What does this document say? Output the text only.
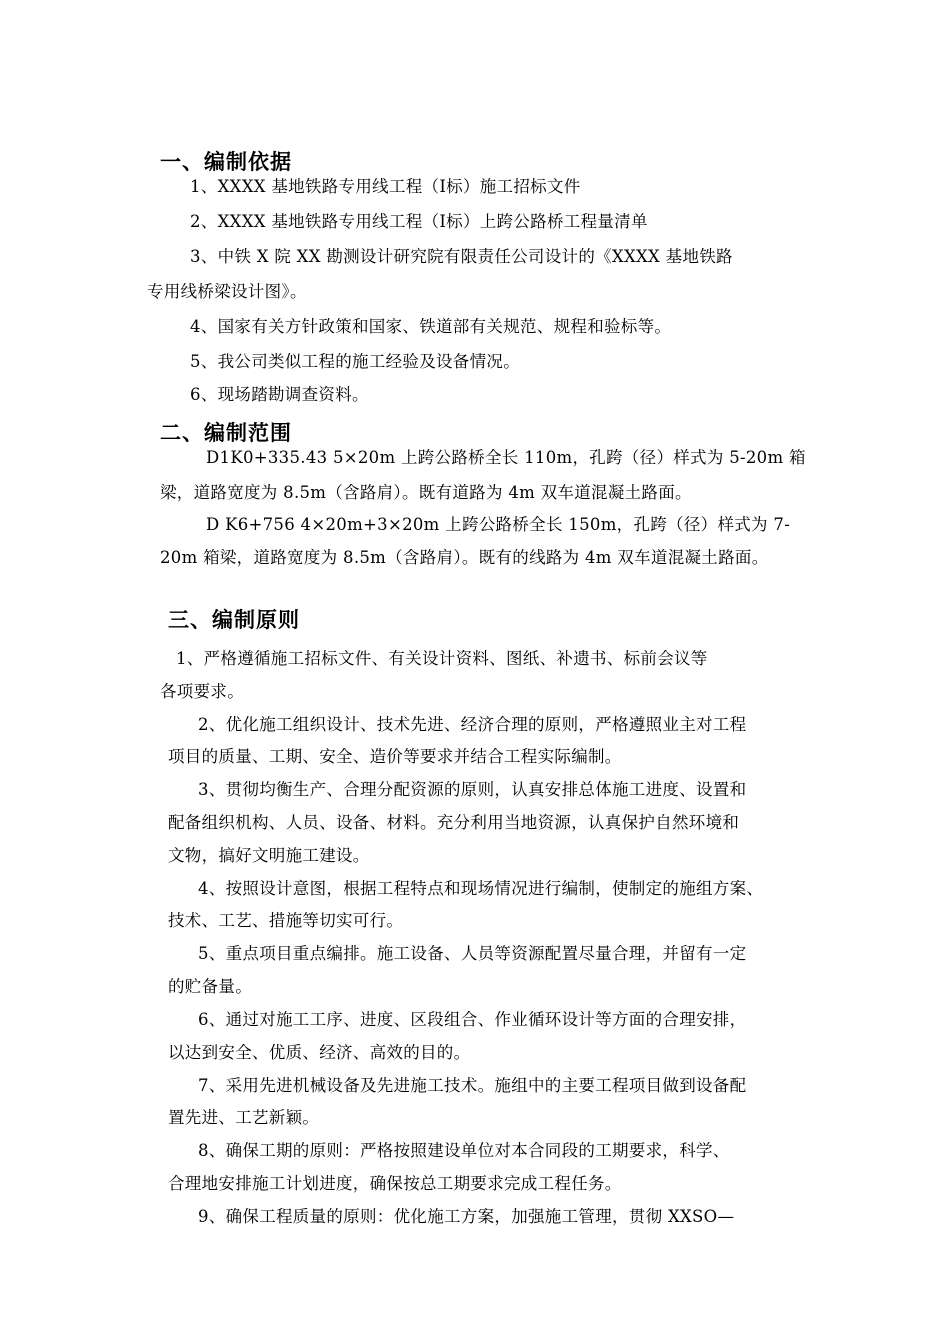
一、编制依据
1、XXXX 基地铁路专用线工程（Ⅰ标）施工招标文件
2、XXXX 基地铁路专用线工程（Ⅰ标）上跨公路桥工程量清单
3、中铁 X 院 XX 勘测设计研究院有限责任公司设计的《XXXX 基地铁路
专用线桥梁设计图》。
4、国家有关方针政策和国家、铁道部有关规范、规程和验标等。
5、我公司类似工程的施工经验及设备情况。
6、现场踏勘调查资料。
二、编制范围
D1K0+335.43 5×20m 上跨公路桥全长 110m，孔跨（径）样式为 5-20m 箱
梁，道路宽度为 8.5m（含路肩）。既有道路为 4m 双车道混凝土路面。
D K6+756 4×20m+3×20m 上跨公路桥全长 150m，孔跨（径）样式为 7-
20m 箱梁，道路宽度为 8.5m（含路肩）。既有的线路为 4m 双车道混凝土路面。
三、编制原则
1、严格遵循施工招标文件、有关设计资料、图纸、补遗书、标前会议等
各项要求。
2、优化施工组织设计、技术先进、经济合理的原则，严格遵照业主对工程
项目的质量、工期、安全、造价等要求并结合工程实际编制。
3、贯彻均衡生产、合理分配资源的原则，认真安排总体施工进度、设置和
配备组织机构、人员、设备、材料。充分利用当地资源，认真保护自然环境和
文物，搞好文明施工建设。
4、按照设计意图，根据工程特点和现场情况进行编制，使制定的施组方案、
技术、工艺、措施等切实可行。
5、重点项目重点编排。施工设备、人员等资源配置尽量合理，并留有一定
的贮备量。
6、通过对施工工序、进度、区段组合、作业循环设计等方面的合理安排，
以达到安全、优质、经济、高效的目的。
7、采用先进机械设备及先进施工技术。施组中的主要工程项目做到设备配
置先进、工艺新颖。
8、确保工期的原则：严格按照建设单位对本合同段的工期要求，科学、
合理地安排施工计划进度，确保按总工期要求完成工程任务。
9、确保工程质量的原则：优化施工方案，加强施工管理，贯彻 XXSO—
